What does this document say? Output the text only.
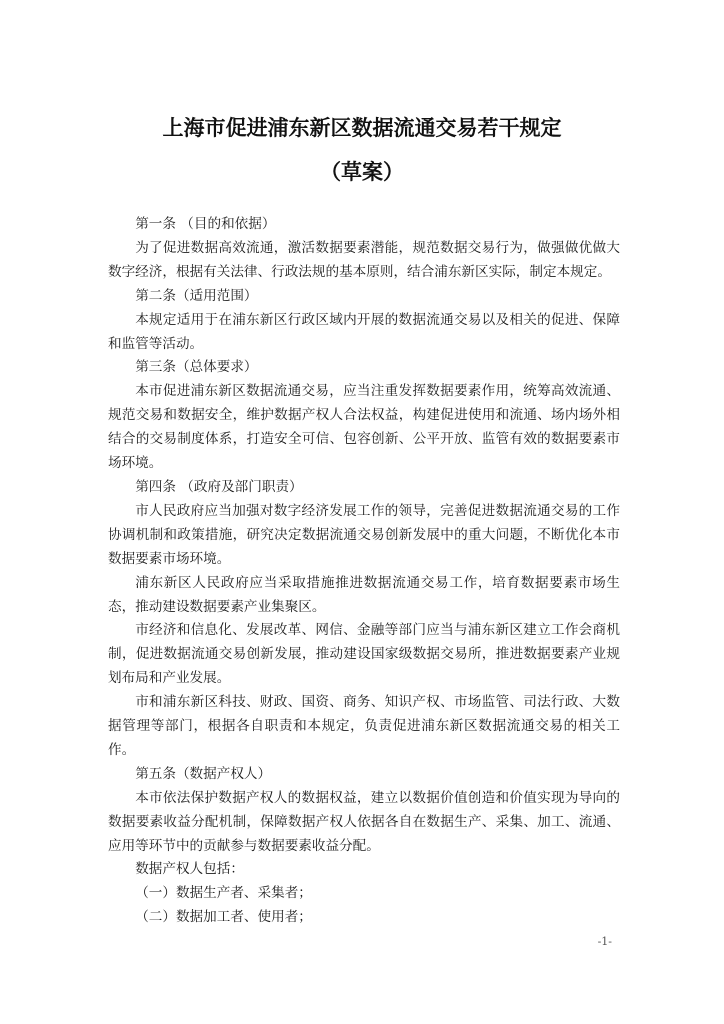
上海市促进浦东新区数据流通交易若干规定
（草案）

第一条 （目的和依据）

为了促进数据高效流通，激活数据要素潜能，规范数据交易行为，做强做优做大数字经济，根据有关法律、行政法规的基本原则，结合浦东新区实际，制定本规定。

第二条（适用范围）

本规定适用于在浦东新区行政区域内开展的数据流通交易以及相关的促进、保障和监管等活动。

第三条（总体要求）

本市促进浦东新区数据流通交易，应当注重发挥数据要素作用，统筹高效流通、规范交易和数据安全，维护数据产权人合法权益，构建促进使用和流通、场内场外相结合的交易制度体系，打造安全可信、包容创新、公平开放、监管有效的数据要素市场环境。

第四条 （政府及部门职责）

市人民政府应当加强对数字经济发展工作的领导，完善促进数据流通交易的工作协调机制和政策措施，研究决定数据流通交易创新发展中的重大问题，不断优化本市数据要素市场环境。

浦东新区人民政府应当采取措施推进数据流通交易工作，培育数据要素市场生态，推动建设数据要素产业集聚区。

市经济和信息化、发展改革、网信、金融等部门应当与浦东新区建立工作会商机制，促进数据流通交易创新发展，推动建设国家级数据交易所，推进数据要素产业规划布局和产业发展。

市和浦东新区科技、财政、国资、商务、知识产权、市场监管、司法行政、大数据管理等部门，根据各自职责和本规定，负责促进浦东新区数据流通交易的相关工作。

第五条（数据产权人）

本市依法保护数据产权人的数据权益，建立以数据价值创造和价值实现为导向的数据要素收益分配机制，保障数据产权人依据各自在数据生产、采集、加工、流通、应用等环节中的贡献参与数据要素收益分配。

数据产权人包括：

（一）数据生产者、采集者；

（二）数据加工者、使用者；

-1-
